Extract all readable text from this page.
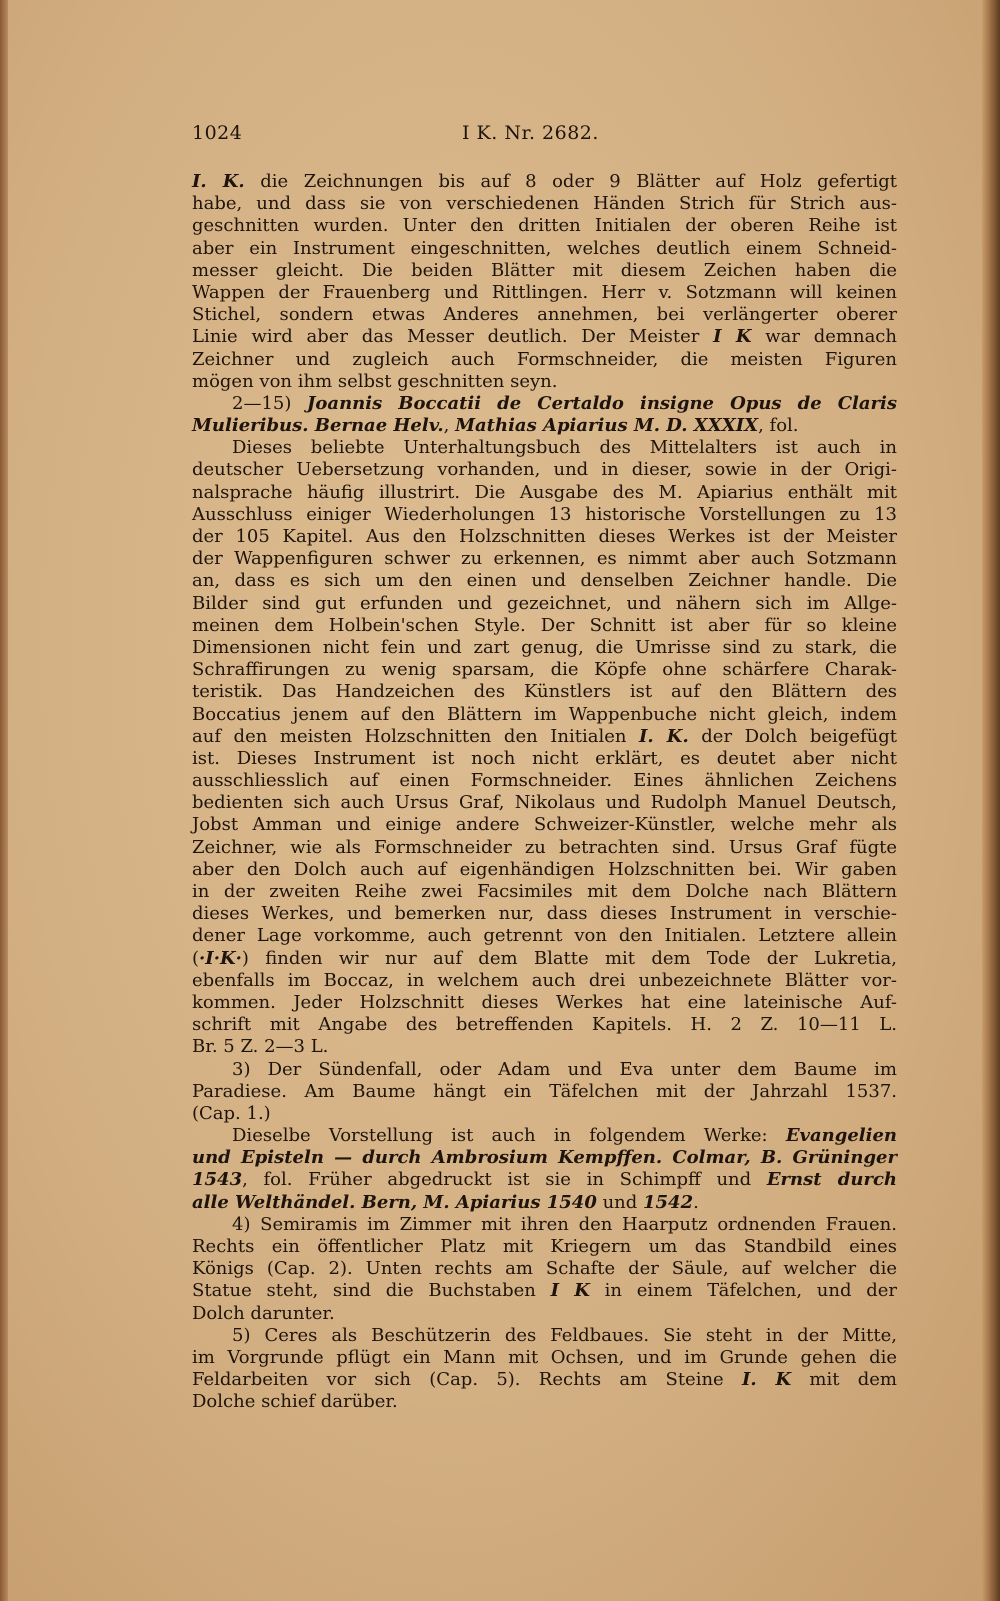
1024	I K. Nr. 2682.
I. K. die Zeichnungen bis auf 8 oder 9 Blätter auf Holz gefertigt
habe, und dass sie von verschiedenen Händen Strich für Strich aus-
geschnitten wurden. Unter den dritten Initialen der oberen Reihe ist
aber ein Instrument eingeschnitten, welches deutlich einem Schneid-
messer gleicht. Die beiden Blätter mit diesem Zeichen haben die
Wappen der Frauenberg und Rittlingen. Herr v. Sotzmann will keinen
Stichel, sondern etwas Anderes annehmen, bei verlängerter oberer
Linie wird aber das Messer deutlich. Der Meister I K war demnach
Zeichner und zugleich auch Formschneider, die meisten Figuren
mögen von ihm selbst geschnitten seyn.
2—15) Joannis Boccatii de Certaldo insigne Opus de Claris
Mulieribus. Bernae Helv., Mathias Apiarius M. D. XXXIX, fol.
Dieses beliebte Unterhaltungsbuch des Mittelalters ist auch in
deutscher Uebersetzung vorhanden, und in dieser, sowie in der Origi-
nalsprache häufig illustrirt. Die Ausgabe des M. Apiarius enthält mit
Ausschluss einiger Wiederholungen 13 historische Vorstellungen zu 13
der 105 Kapitel. Aus den Holzschnitten dieses Werkes ist der Meister
der Wappenfiguren schwer zu erkennen, es nimmt aber auch Sotzmann
an, dass es sich um den einen und denselben Zeichner handle. Die
Bilder sind gut erfunden und gezeichnet, und nähern sich im Allge-
meinen dem Holbein'schen Style. Der Schnitt ist aber für so kleine
Dimensionen nicht fein und zart genug, die Umrisse sind zu stark, die
Schraffirungen zu wenig sparsam, die Köpfe ohne schärfere Charak-
teristik. Das Handzeichen des Künstlers ist auf den Blättern des
Boccatius jenem auf den Blättern im Wappenbuche nicht gleich, indem
auf den meisten Holzschnitten den Initialen I. K. der Dolch beigefügt
ist. Dieses Instrument ist noch nicht erklärt, es deutet aber nicht
ausschliesslich auf einen Formschneider. Eines ähnlichen Zeichens
bedienten sich auch Ursus Graf, Nikolaus und Rudolph Manuel Deutsch,
Jobst Amman und einige andere Schweizer-Künstler, welche mehr als
Zeichner, wie als Formschneider zu betrachten sind. Ursus Graf fügte
aber den Dolch auch auf eigenhändigen Holzschnitten bei. Wir gaben
in der zweiten Reihe zwei Facsimiles mit dem Dolche nach Blättern
dieses Werkes, und bemerken nur, dass dieses Instrument in verschie-
dener Lage vorkomme, auch getrennt von den Initialen. Letztere allein
(·I·K·) finden wir nur auf dem Blatte mit dem Tode der Lukretia,
ebenfalls im Boccaz, in welchem auch drei unbezeichnete Blätter vor-
kommen. Jeder Holzschnitt dieses Werkes hat eine lateinische Auf-
schrift mit Angabe des betreffenden Kapitels. H. 2 Z. 10—11 L.
Br. 5 Z. 2—3 L.
3) Der Sündenfall, oder Adam und Eva unter dem Baume im
Paradiese. Am Baume hängt ein Täfelchen mit der Jahrzahl 1537.
(Cap. 1.)
Dieselbe Vorstellung ist auch in folgendem Werke: Evangelien
und Episteln — durch Ambrosium Kempffen. Colmar, B. Grüninger
1543, fol. Früher abgedruckt ist sie in Schimpff und Ernst durch
alle Welthändel. Bern, M. Apiarius 1540 und 1542.
4) Semiramis im Zimmer mit ihren den Haarputz ordnenden Frauen.
Rechts ein öffentlicher Platz mit Kriegern um das Standbild eines
Königs (Cap. 2). Unten rechts am Schafte der Säule, auf welcher die
Statue steht, sind die Buchstaben I K in einem Täfelchen, und der
Dolch darunter.
5) Ceres als Beschützerin des Feldbaues. Sie steht in der Mitte,
im Vorgrunde pflügt ein Mann mit Ochsen, und im Grunde gehen die
Feldarbeiten vor sich (Cap. 5). Rechts am Steine I. K mit dem
Dolche schief darüber.
